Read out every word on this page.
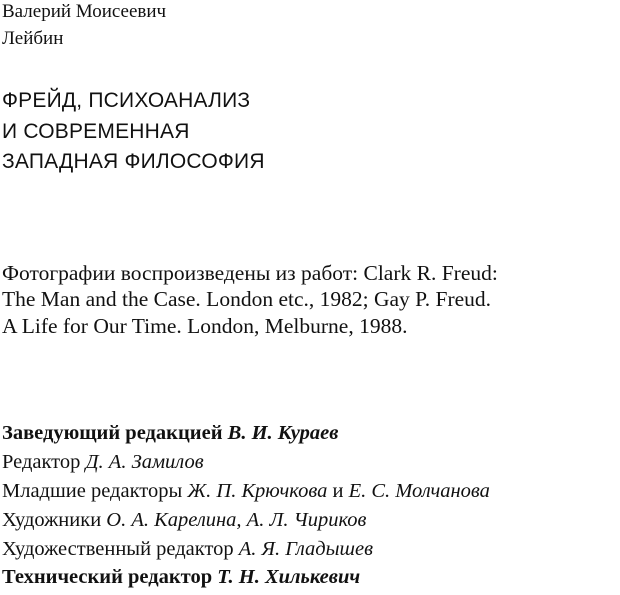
Валерий Моисеевич
Лейбин
ФРЕЙД, ПСИХОАНАЛИЗ
И СОВРЕМЕННАЯ
ЗАПАДНАЯ ФИЛОСОФИЯ
Фотографии воспроизведены из работ: Clark R. Freud:
The Man and the Case. London etc., 1982; Gay P. Freud.
A Life for Our Time. London, Melburne, 1988.
Заведующий редакцией В. И. Кураев
Редактор Д. А. Замилов
Младшие редакторы Ж. П. Крючкова и Е. С. Молчанова
Художники О. А. Карелина, А. Л. Чириков
Художественный редактор А. Я. Гладышев
Технический редактор Т. Н. Хилькевич
